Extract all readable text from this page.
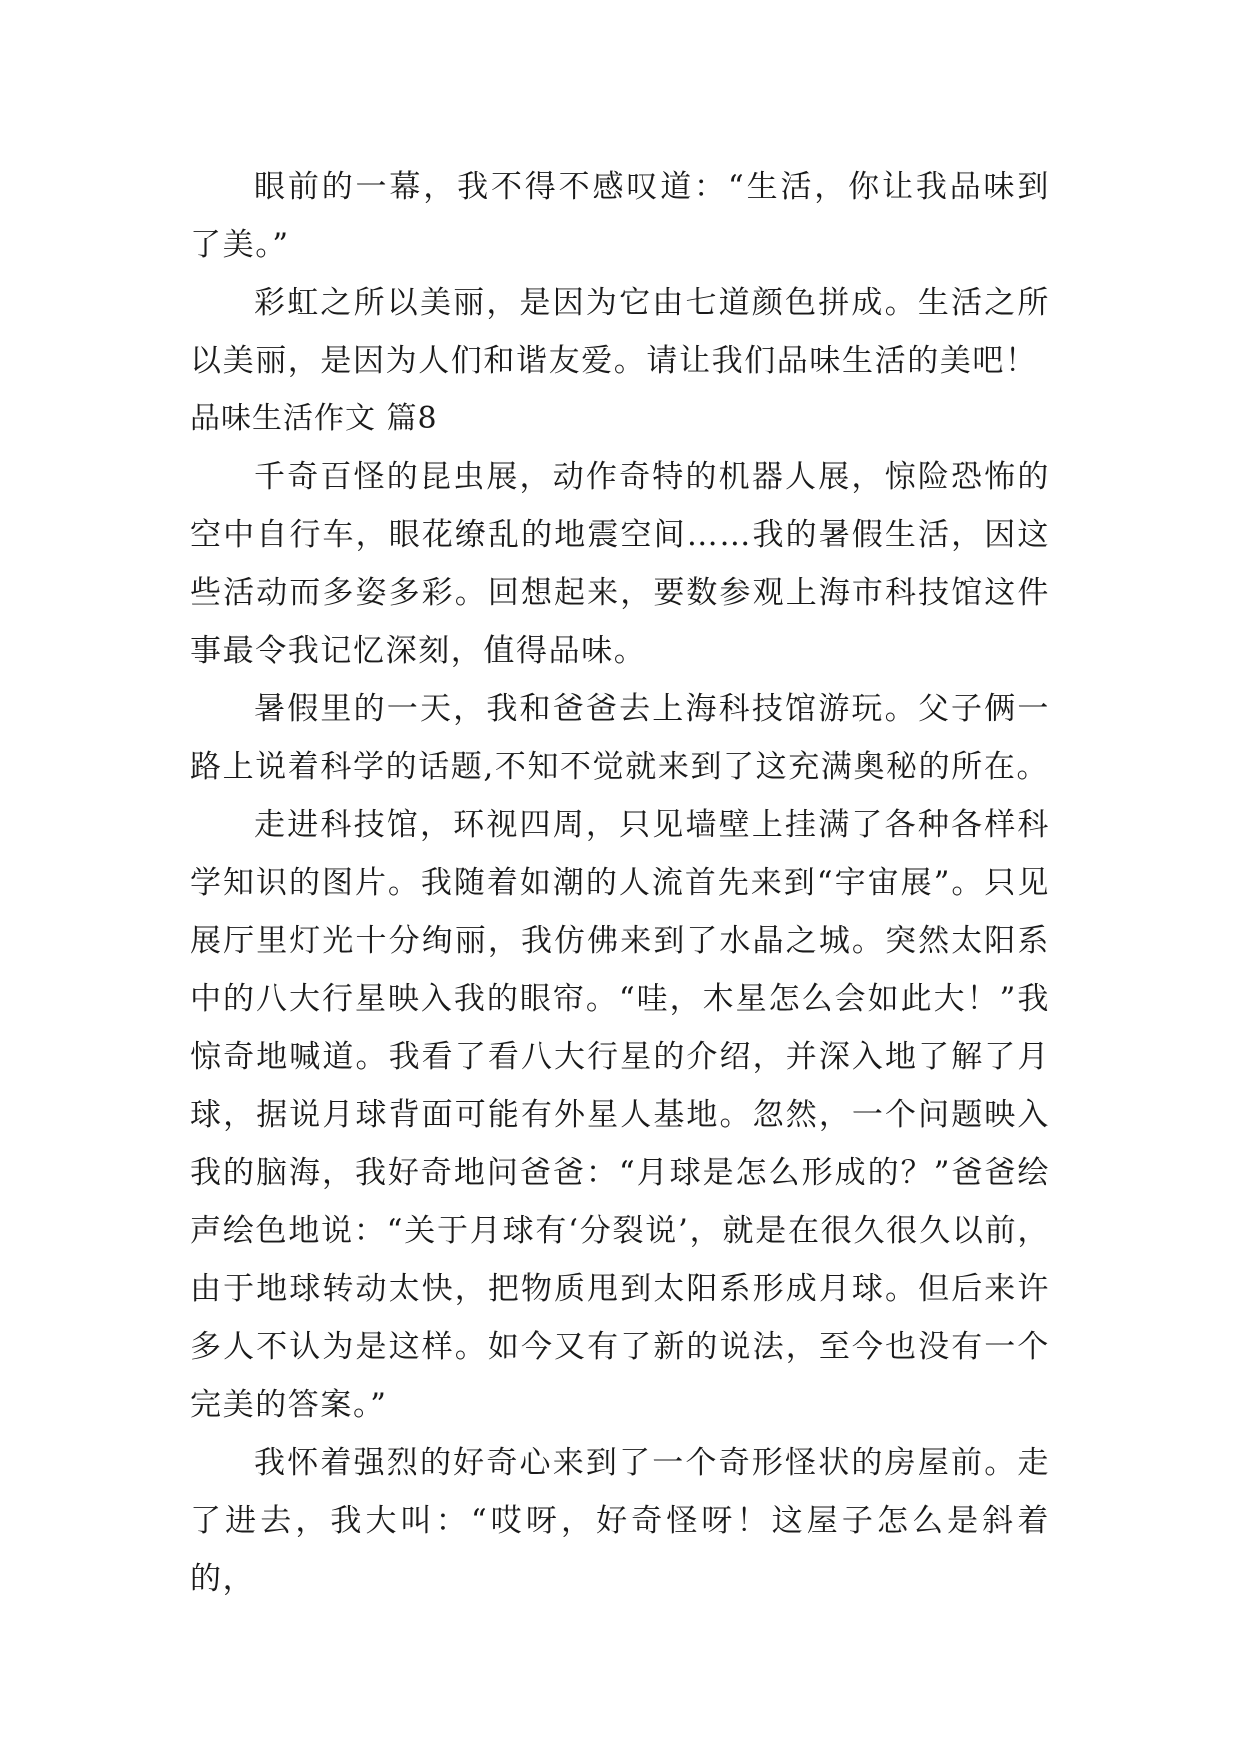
眼前的一幕，我不得不感叹道：“生活，你让我品味到了美。”

彩虹之所以美丽，是因为它由七道颜色拼成。生活之所以美丽，是因为人们和谐友爱。请让我们品味生活的美吧！

品味生活作文 篇8

千奇百怪的昆虫展，动作奇特的机器人展，惊险恐怖的空中自行车，眼花缭乱的地震空间……我的暑假生活，因这些活动而多姿多彩。回想起来，要数参观上海市科技馆这件事最令我记忆深刻，值得品味。

暑假里的一天，我和爸爸去上海科技馆游玩。父子俩一路上说着科学的话题,不知不觉就来到了这充满奥秘的所在。

走进科技馆，环视四周，只见墙壁上挂满了各种各样科学知识的图片。我随着如潮的人流首先来到“宇宙展”。只见展厅里灯光十分绚丽，我仿佛来到了水晶之城。突然太阳系中的八大行星映入我的眼帘。“哇，木星怎么会如此大！”我惊奇地喊道。我看了看八大行星的介绍，并深入地了解了月球，据说月球背面可能有外星人基地。忽然，一个问题映入我的脑海，我好奇地问爸爸：“月球是怎么形成的？”爸爸绘声绘色地说：“关于月球有‘分裂说’，就是在很久很久以前，由于地球转动太快，把物质甩到太阳系形成月球。但后来许多人不认为是这样。如今又有了新的说法，至今也没有一个完美的答案。”

我怀着强烈的好奇心来到了一个奇形怪状的房屋前。走了进去，我大叫：“哎呀，好奇怪呀！这屋子怎么是斜着的，
